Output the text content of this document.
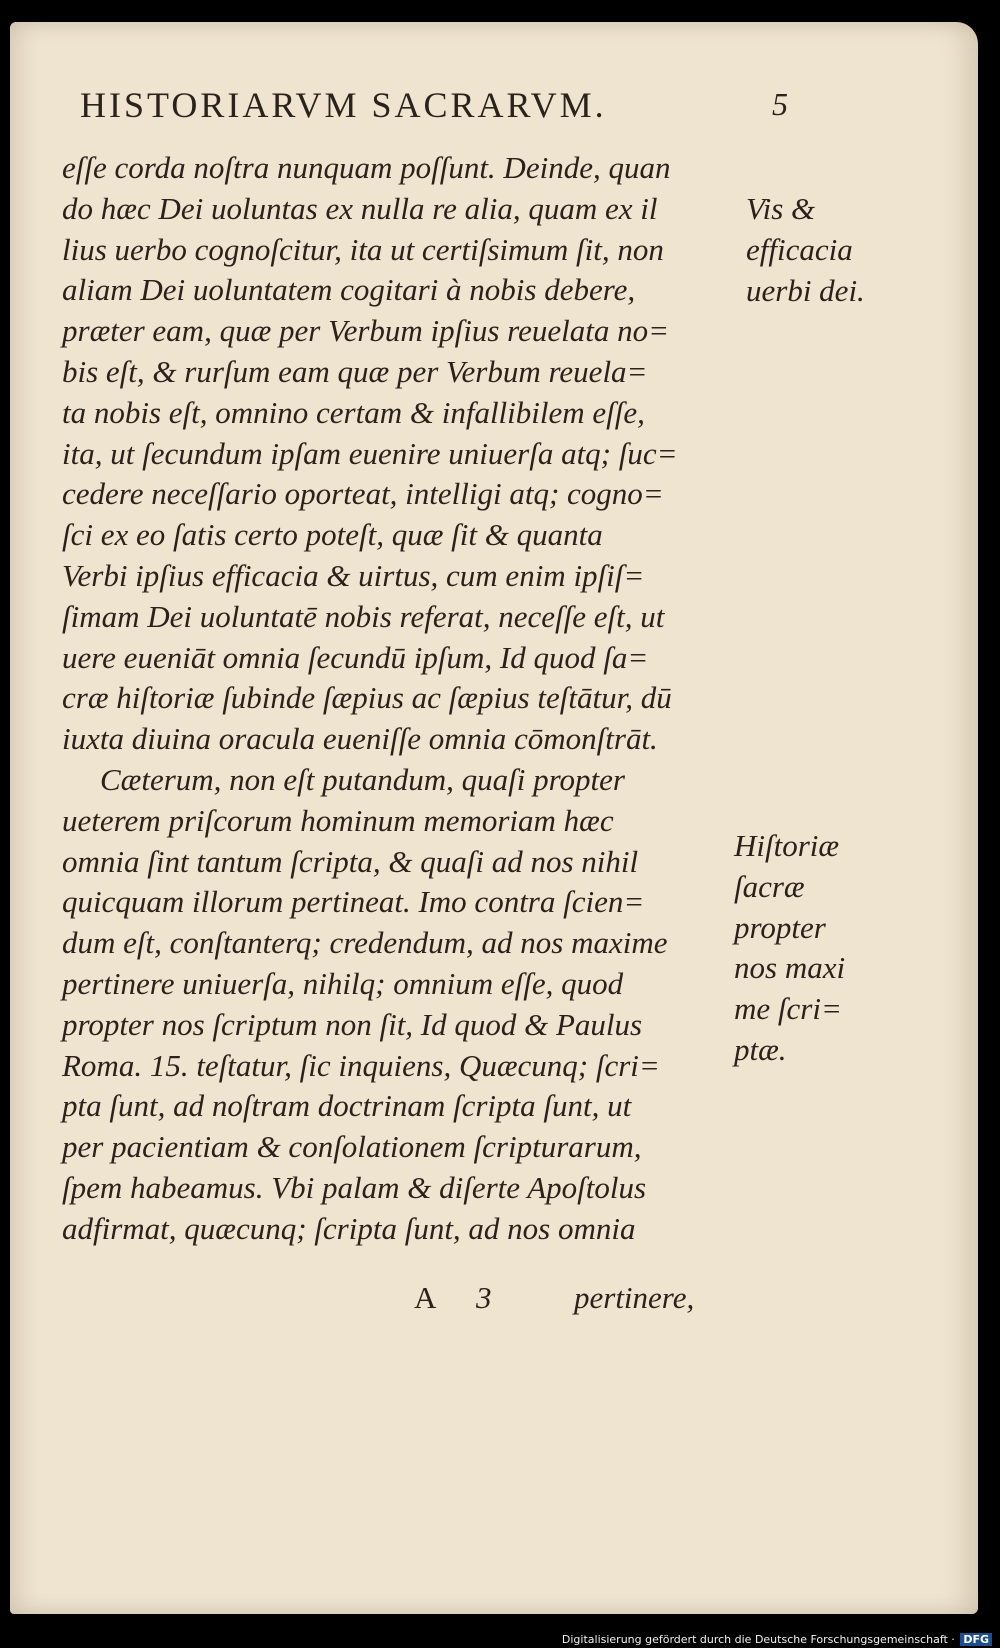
HISTORIARVM SACRARVM.	5
eſſe corda noſtra nunquam poſſunt. Deinde, quan
do hæc Dei uoluntas ex nulla re alia, quam ex il
lius uerbo cognoſcitur, ita ut certiſsimum ſit, non
aliam Dei uoluntatem cogitari à nobis debere,
præter eam, quæ per Verbum ipſius reuelata no=
bis eſt, & rurſum eam quæ per Verbum reuela=
ta nobis eſt, omnino certam & infallibilem eſſe,
ita, ut ſecundum ipſam euenire uniuerſa atq; ſuc=
cedere neceſſario oporteat, intelligi atq; cogno=
ſci ex eo ſatis certo poteſt, quæ ſit & quanta
Verbi ipſius efficacia & uirtus, cum enim ipſiſ=
ſimam Dei uoluntatē nobis referat, neceſſe eſt, ut
uere eueniāt omnia ſecundū ipſum, Id quod ſa=
cræ hiſtoriæ ſubinde ſæpius ac ſæpius teſtātur, dū
iuxta diuina oracula eueniſſe omnia cōmonſtrāt.
Cæterum, non eſt putandum, quaſi propter
ueterem priſcorum hominum memoriam hæc
omnia ſint tantum ſcripta, & quaſi ad nos nihil
quicquam illorum pertineat. Imo contra ſcien=
dum eſt, conſtanterq; credendum, ad nos maxime
pertinere uniuerſa, nihilq; omnium eſſe, quod
propter nos ſcriptum non ſit, Id quod & Paulus
Roma. 15. teſtatur, ſic inquiens, Quæcunq; ſcri=
pta ſunt, ad noſtram doctrinam ſcripta ſunt, ut
per pacientiam & conſolationem ſcripturarum,
ſpem habeamus. Vbi palam & diſerte Apoſtolus
adfirmat, quæcunq; ſcripta ſunt, ad nos omnia
A 3	pertinere,
Vis &
efficacia
uerbi dei.
Hiſtoriæ
ſacræ
propter
nos maxi
me ſcri=
ptæ.
Digitalisierung gefördert durch die Deutsche Forschungsgemeinschaft · DFG
